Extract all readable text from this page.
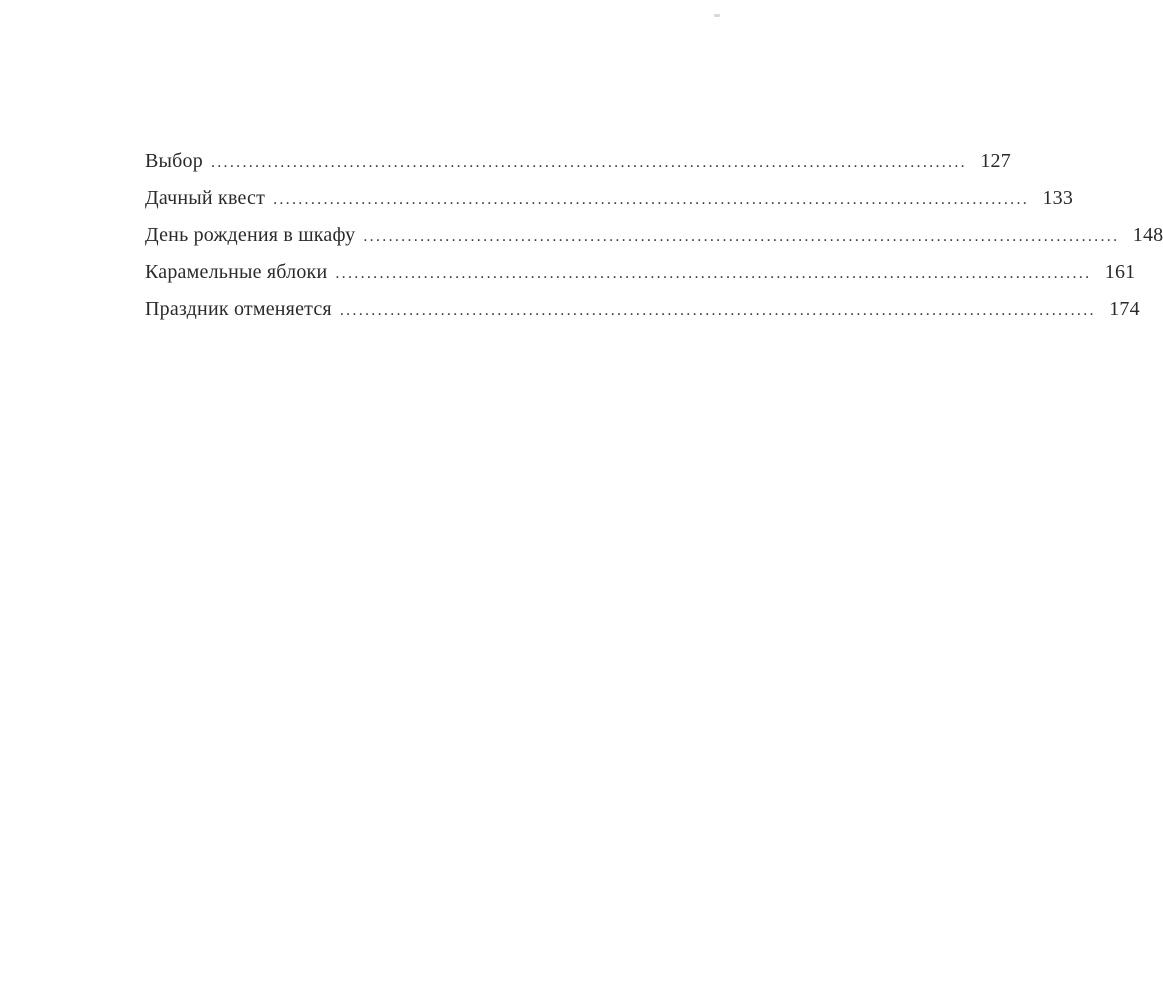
Выбор ........................................................................................................................ 127
Дачный квест ........................................................................................................................ 133
День рождения в шкафу ........................................................................................................................ 148
Карамельные яблоки ........................................................................................................................ 161
Праздник отменяется ........................................................................................................................ 174
